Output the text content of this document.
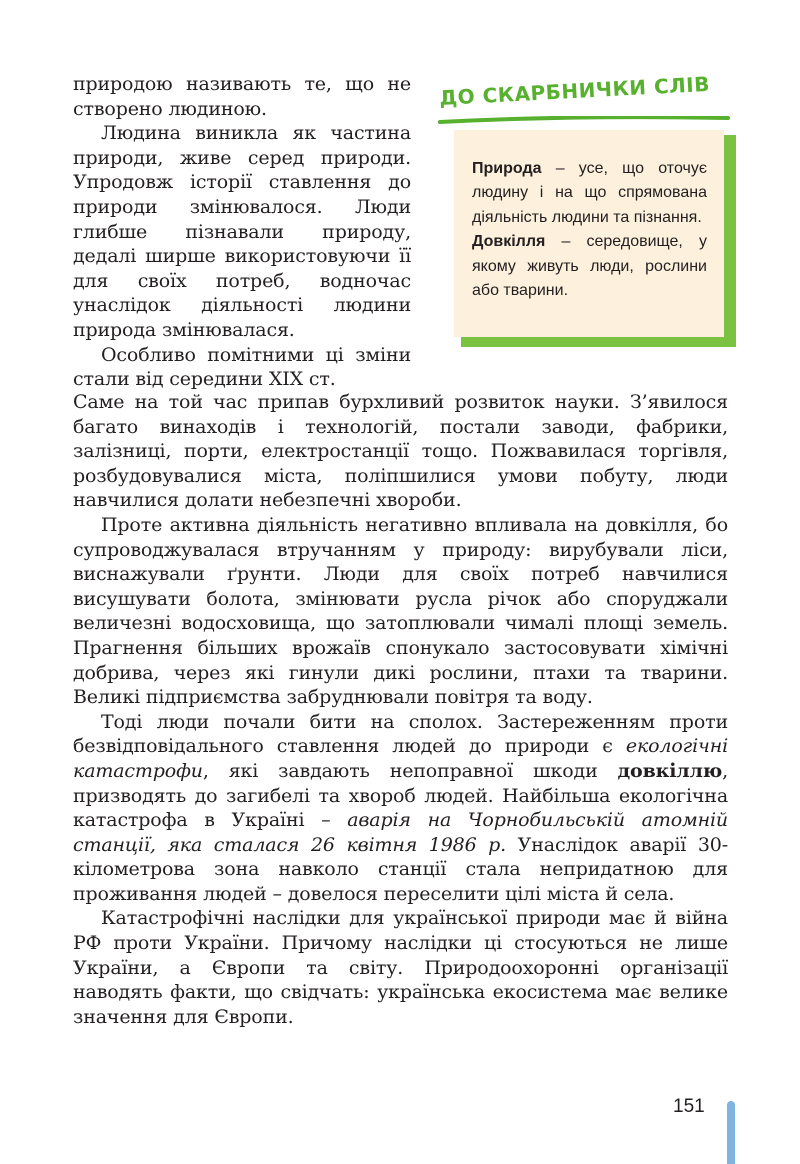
природою називають те, що не створено людиною.

Людина виникла як частина природи, живе серед природи. Упродовж історії ставлення до природи змінювалося. Люди глибше пізнавали природу, дедалі ширше використовуючи її для своїх потреб, водночас унаслідок діяльності людини природа змінювалася.

Особливо помітними ці зміни стали від середини XIX ст.

ДО СКАРБНИЧКИ СЛІВ
Природа – усе, що оточує людину і на що спрямована діяльність людини та пізнання.
Довкілля – середовище, у якому живуть люди, рослини або тварини.

Саме на той час припав бурхливий розвиток науки. З’явилося багато винаходів і технологій, постали заводи, фабрики, залізниці, порти, електростанції тощо. Пожвавилася торгівля, розбудовувалися міста, поліпшилися умови побуту, люди навчилися долати небезпечні хвороби.

Проте активна діяльність негативно впливала на довкілля, бо супроводжувалася втручанням у природу: вирубували ліси, виснажували ґрунти. Люди для своїх потреб навчилися висушувати болота, змінювати русла річок або споруджали величезні водосховища, що затоплювали чималі площі земель. Прагнення більших врожаїв спонукало застосовувати хімічні добрива, через які гинули дикі рослини, птахи та тварини. Великі підприємства забруднювали повітря та воду.

Тоді люди почали бити на сполох. Застереженням проти безвідповідального ставлення людей до природи є екологічні катастрофи, які завдають непоправної шкоди довкіллю, призводять до загибелі та хвороб людей. Найбільша екологічна катастрофа в Україні – аварія на Чорнобильській атомній станції, яка сталася 26 квітня 1986 р. Унаслідок аварії 30-кілометрова зона навколо станції стала непридатною для проживання людей – довелося переселити цілі міста й села.

Катастрофічні наслідки для української природи має й війна РФ проти України. Причому наслідки ці стосуються не лише України, а Європи та світу. Природоохоронні організації наводять факти, що свідчать: українська екосистема має велике значення для Європи.

151
